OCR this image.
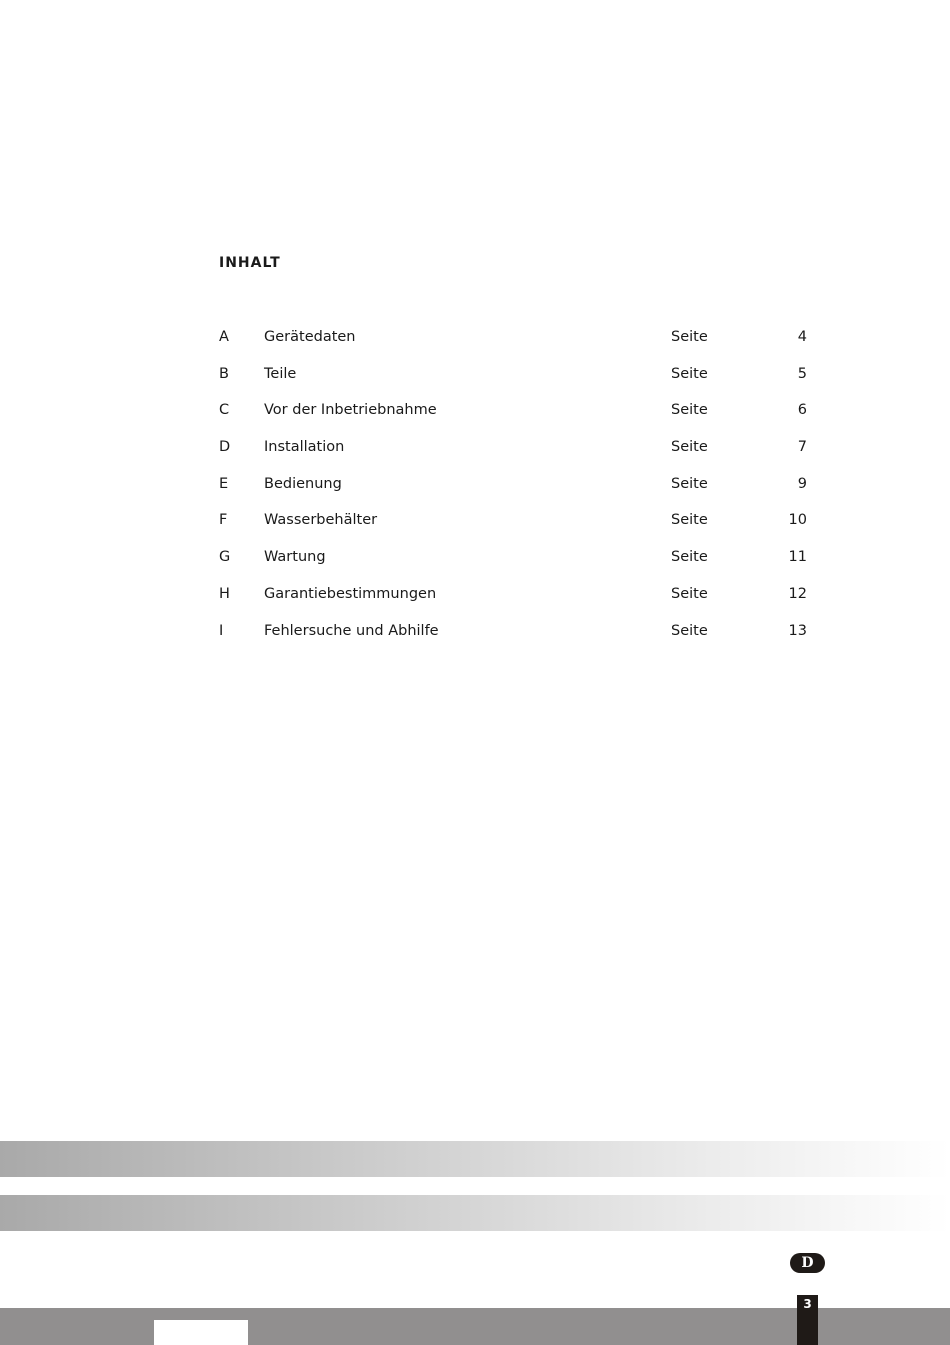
INHALT
A Gerätedaten	Seite	4
B Teile	Seite	5
C Vor der Inbetriebnahme	Seite	6
D Installation	Seite	7
E Bedienung	Seite	9
F	Wasserbehälter	Seite	10
G Wartung	Seite	11
H Garantiebestimmungen	Seite	12
I	Fehlersuche und Abhilfe	Seite	13
D
3
